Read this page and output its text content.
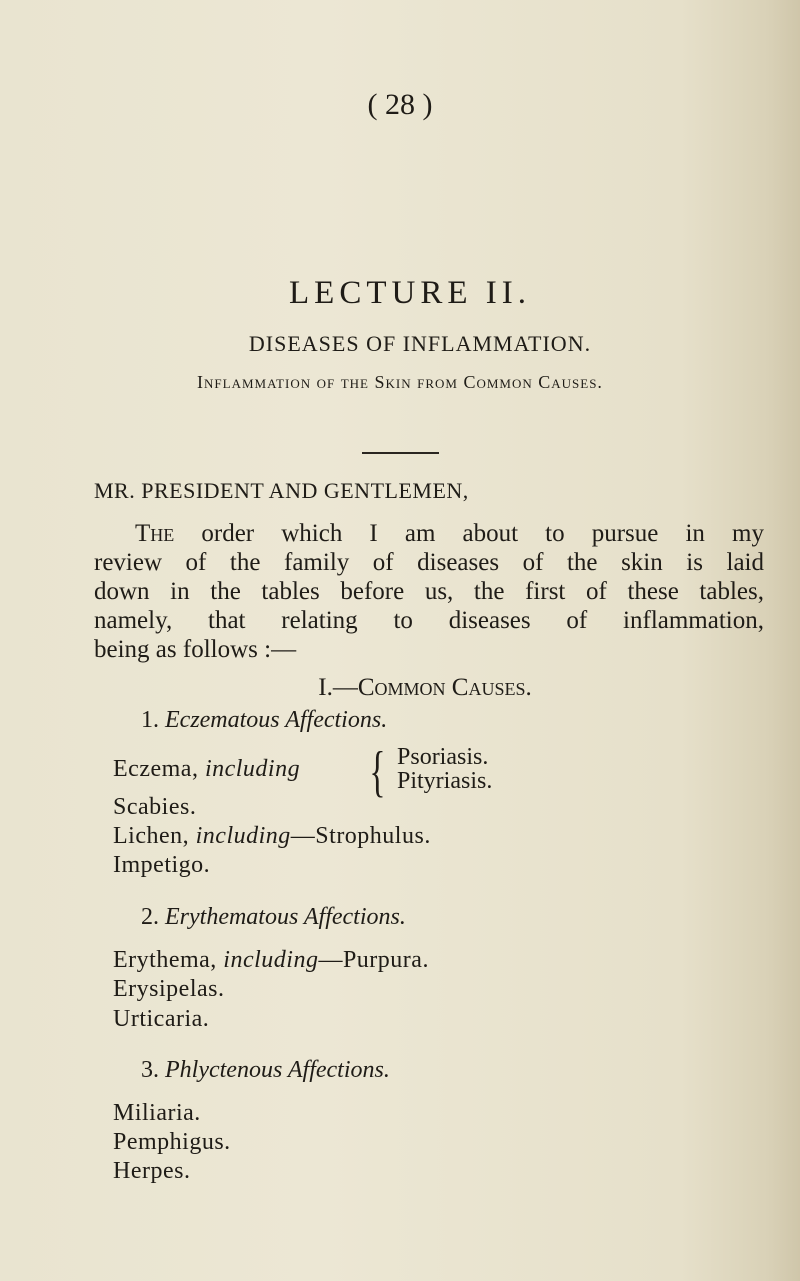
( 28 )
LECTURE II.
DISEASES OF INFLAMMATION.
Inflammation of the Skin from Common Causes.
MR. PRESIDENT AND GENTLEMEN,

The order which I am about to pursue in my
review of the family of diseases of the skin is laid
down in the tables before us, the first of these tables,
namely, that relating to diseases of inflammation,
being as follows :—

I.—Common Causes.
1. Eczematous Affections.
Eczema, including { Psoriasis.
Pityriasis.
Scabies.
Lichen, including—Strophulus.
Impetigo.
2. Erythematous Affections.
Erythema, including—Purpura.
Erysipelas.
Urticaria.
3. Phlyctenous Affections.
Miliaria.
Pemphigus.
Herpes.
